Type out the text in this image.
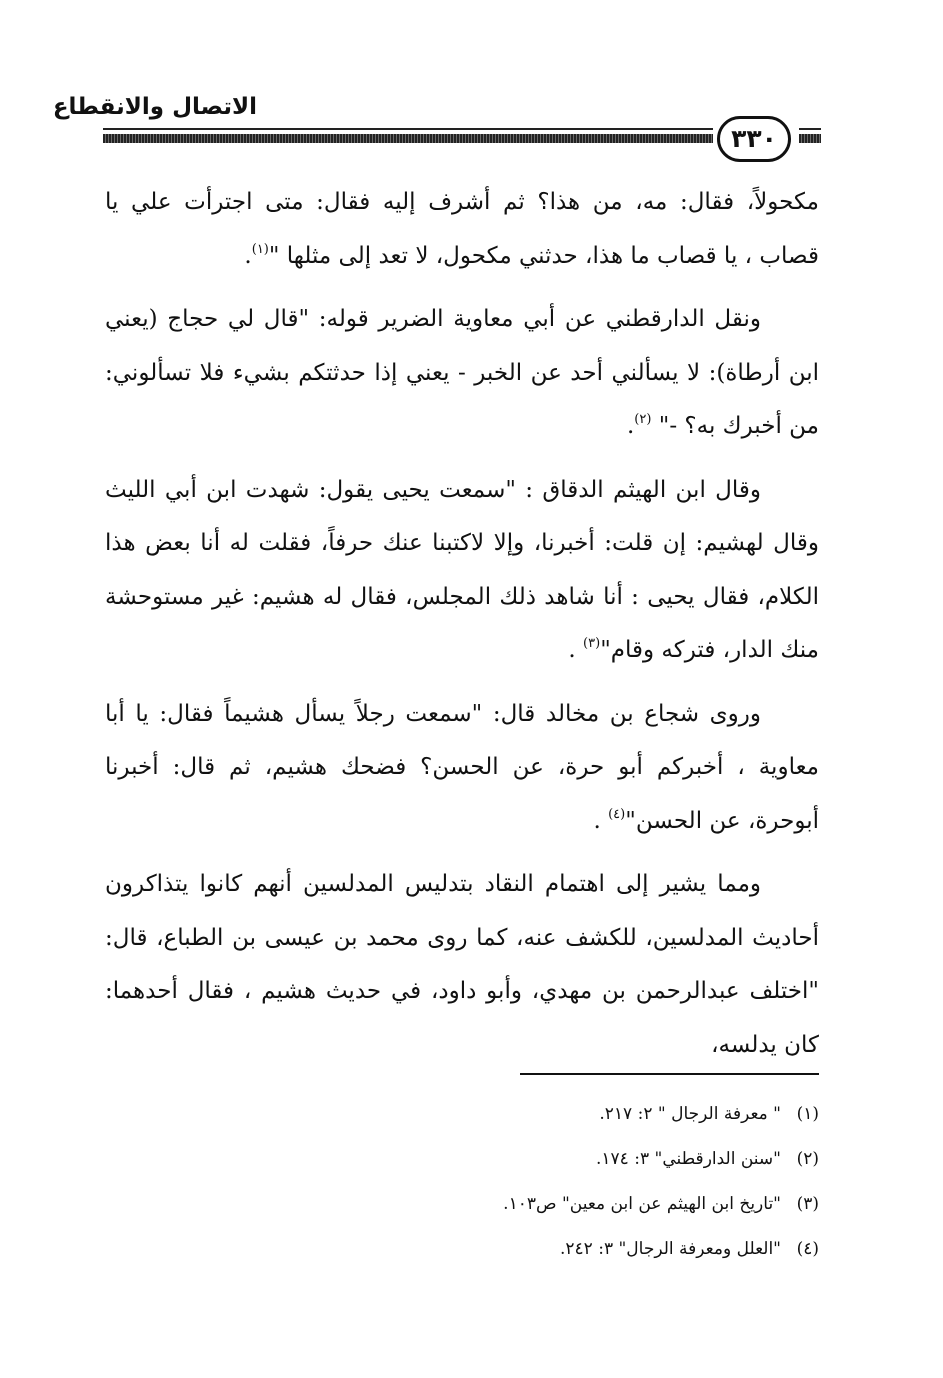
الاتصال والانقطاع
٣٣٠

مكحولاً، فقال: مه، من هذا؟ ثم أشرف إليه فقال: متى اجترأت علي يا قصاب ، يا قصاب ما هذا، حدثني مكحول، لا تعد إلى مثلها "$^{(١)}$.

ونقل الدارقطني عن أبي معاوية الضرير قوله: "قال لي حجاج (يعني ابن أرطاة): لا يسألني أحد عن الخبر - يعني إذا حدثتكم بشيء فلا تسألوني: من أخبرك به؟ -" $^{(٢)}$.

وقال ابن الهيثم الدقاق : "سمعت يحيى يقول: شهدت ابن أبي الليث وقال لهشيم: إن قلت: أخبرنا، وإلا لاكتبنا عنك حرفاً، فقلت له أنا بعض هذا الكلام، فقال يحيى : أنا شاهد ذلك المجلس، فقال له هشيم: غير مستوحشة منك الدار، فتركه وقام"$^{(٣)}$ .

وروى شجاع بن مخالد قال: "سمعت رجلاً يسأل هشيماً فقال: يا أبا معاوية ، أخبركم أبو حرة، عن الحسن؟ فضحك هشيم، ثم قال: أخبرنا أبوحرة، عن الحسن"$^{(٤)}$ .

ومما يشير إلى اهتمام النقاد بتدليس المدلسين أنهم كانوا يتذاكرون أحاديث المدلسين، للكشف عنه، كما روى محمد بن عيسى بن الطباع، قال: "اختلف عبدالرحمن بن مهدي، وأبو داود، في حديث هشيم ، فقال أحدهما: كان يدلسه،

(١)" معرفة الرجال " ٢: ٢١٧.
(٢)"سنن الدارقطني" ٣: ١٧٤.
(٣)"تاريخ ابن الهيثم عن ابن معين" ص١٠٣.
(٤)"العلل ومعرفة الرجال" ٣: ٢٤٢.
